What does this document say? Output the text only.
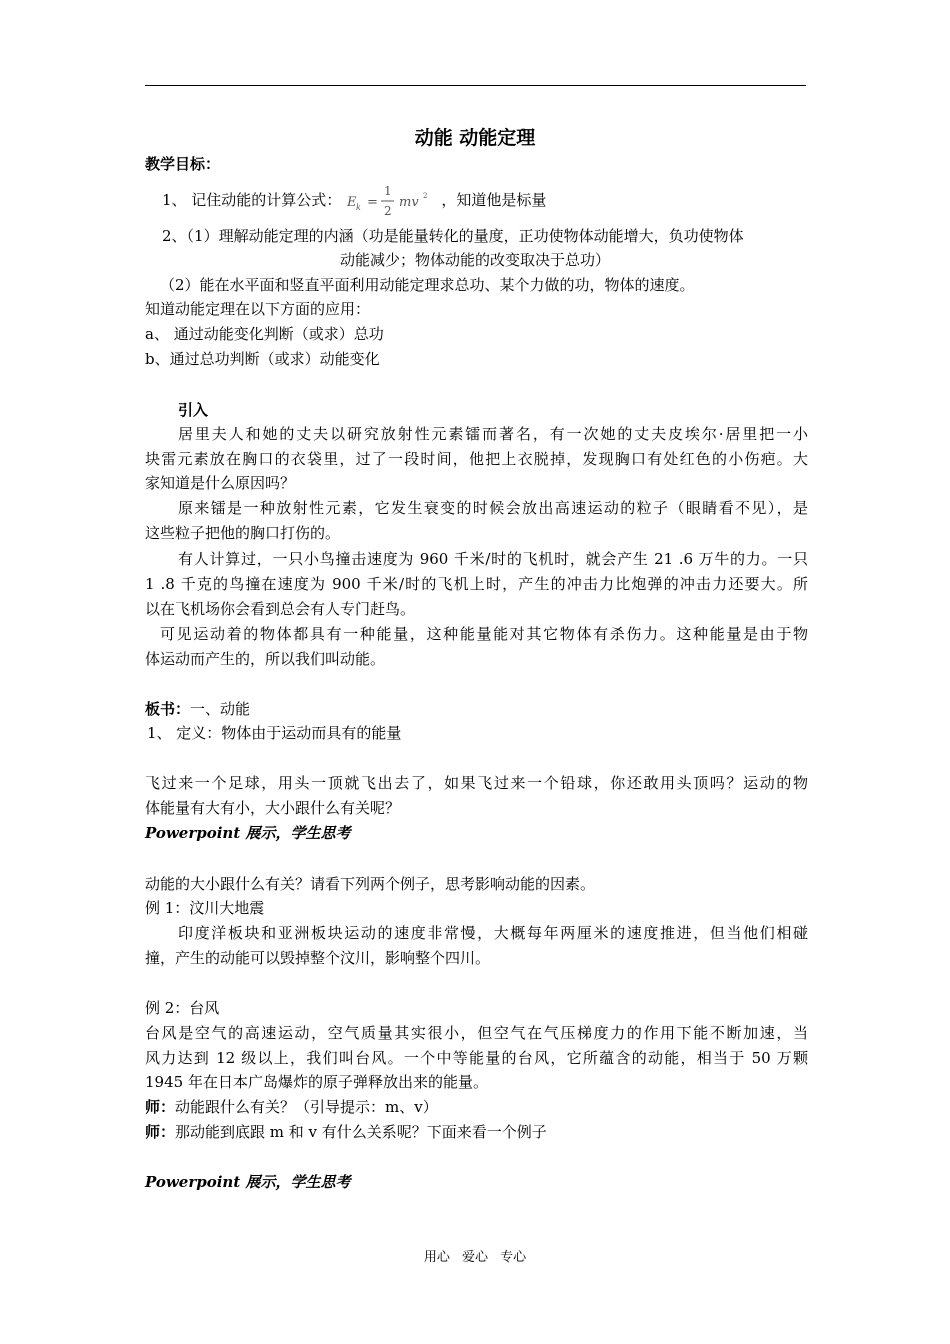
动能 动能定理
教学目标：
1、 记住动能的计算公式： E k =
1
2
mv 2 ，知道他是标量
2、（1）理解动能定理的内涵（功是能量转化的量度，正功使物体动能增大，负功使物体
动能减少；物体动能的改变取决于总功）
（2）能在水平面和竖直平面利用动能定理求总功、某个力做的功，物体的速度。
知道动能定理在以下方面的应用：
a、 通过动能变化判断（或求）总功
b、通过总功判断（或求）动能变化
引入
居里夫人和她的丈夫以研究放射性元素镭而著名，有一次她的丈夫皮埃尔·居里把一小
块雷元素放在胸口的衣袋里，过了一段时间，他把上衣脱掉，发现胸口有处红色的小伤疤。大
家知道是什么原因吗？
原来镭是一种放射性元素，它发生衰变的时候会放出高速运动的粒子（眼睛看不见），是
这些粒子把他的胸口打伤的。
有人计算过，一只小鸟撞击速度为 960 千米/时的飞机时，就会产生 21 .6 万牛的力。一只
1 .8 千克的鸟撞在速度为 900 千米/时的飞机上时，产生的冲击力比炮弹的冲击力还要大。所
以在飞机场你会看到总会有人专门赶鸟。
可见运动着的物体都具有一种能量，这种能量能对其它物体有杀伤力。这种能量是由于物
体运动而产生的，所以我们叫动能。
板书：一、动能
1、 定义：物体由于运动而具有的能量
飞过来一个足球，用头一顶就飞出去了，如果飞过来一个铅球，你还敢用头顶吗？运动的物
体能量有大有小，大小跟什么有关呢？
Powerpoint 展示，学生思考
动能的大小跟什么有关？请看下列两个例子，思考影响动能的因素。
例 1：汶川大地震
印度洋板块和亚洲板块运动的速度非常慢，大概每年两厘米的速度推进，但当他们相碰
撞，产生的动能可以毁掉整个汶川，影响整个四川。
例 2：台风
台风是空气的高速运动，空气质量其实很小，但空气在气压梯度力的作用下能不断加速，当
风力达到 12 级以上，我们叫台风。一个中等能量的台风，它所蕴含的动能，相当于 50 万颗
1945 年在日本广岛爆炸的原子弹释放出来的能量。
师：动能跟什么有关？（引导提示：m、v）
师：那动能到底跟 m 和 v 有什么关系呢？下面来看一个例子
Powerpoint 展示，学生思考
用心 爱心 专心
